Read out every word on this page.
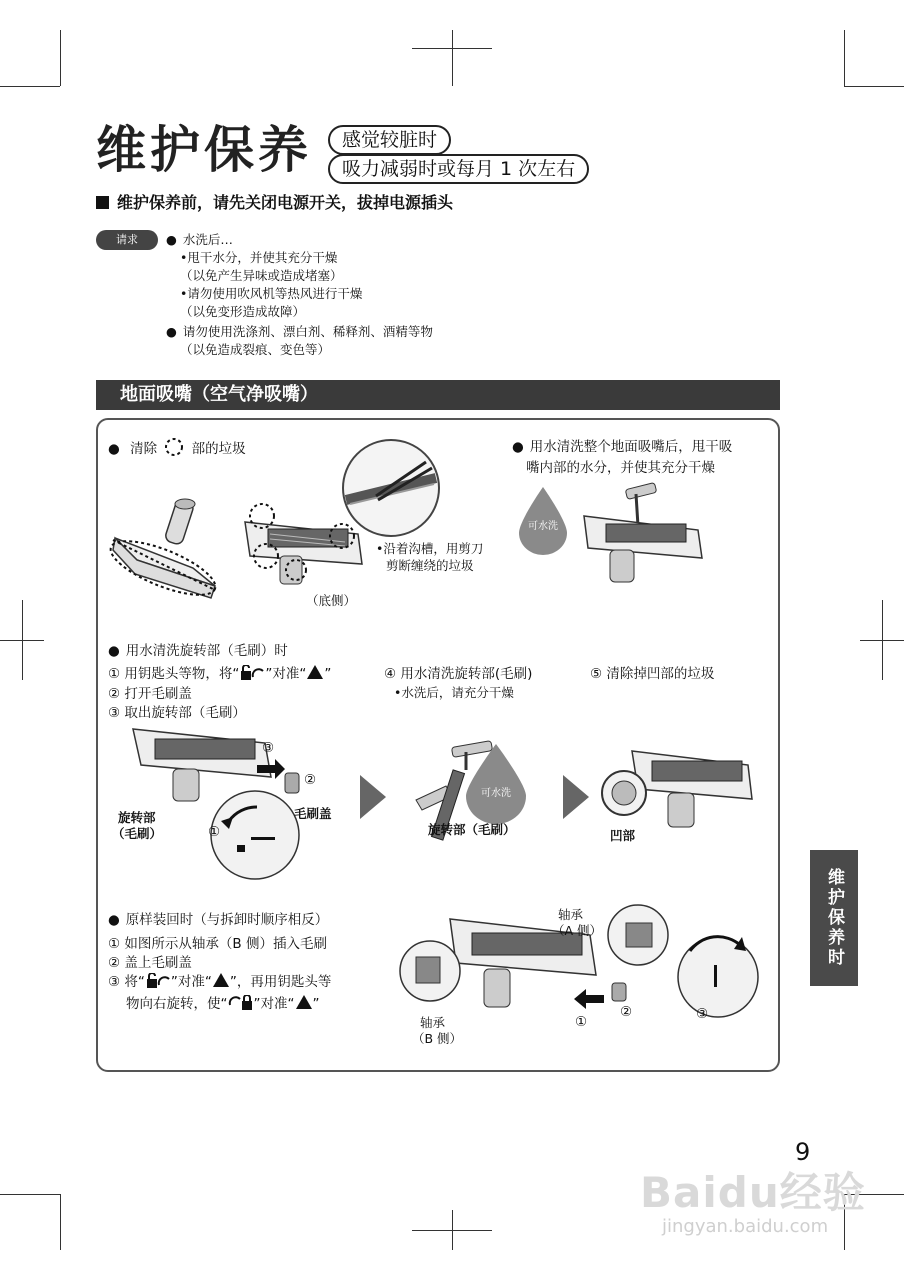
维护保养	感觉较脏时
吸力减弱时或每月 1 次左右
维护保养前，请先关闭电源开关，拔掉电源插头
请求
●	水洗后…
•甩干水分，并使其充分干燥
（以免产生异味或造成堵塞）
•请勿使用吹风机等热风进行干燥
（以免变形造成故障）
● 请勿使用洗涤剂、漂白剂、稀释剂、酒精等物
（以免造成裂痕、变色等）
地面吸嘴（空气净吸嘴）
● 清除	部的垃圾
•沿着沟槽，用剪刀
剪断缠绕的垃圾
（底侧）
● 用水清洗整个地面吸嘴后，甩干吸
嘴内部的水分，并使其充分干燥
可水洗
● 用水清洗旋转部（毛刷）时
① 用钥匙头等物，将“ ”对准“ ”
② 打开毛刷盖
③ 取出旋转部（毛刷）
④ 用水清洗旋转部(毛刷)
•水洗后，请充分干燥
⑤ 清除掉凹部的垃圾
旋转部
（毛刷）
毛刷盖
③
②
①
可水洗
旋转部（毛刷）	凹部
● 原样装回时（与拆卸时顺序相反）
① 如图所示从轴承（B 侧）插入毛刷
② 盖上毛刷盖
③ 将“ ”对准“ ”，再用钥匙头等
物向右旋转，使“ ”对准“ ”
轴承
（A 侧）
轴承
（B 侧）
①
②	③
维护保养时
9
Baidu经验
jingyan.baidu.com
